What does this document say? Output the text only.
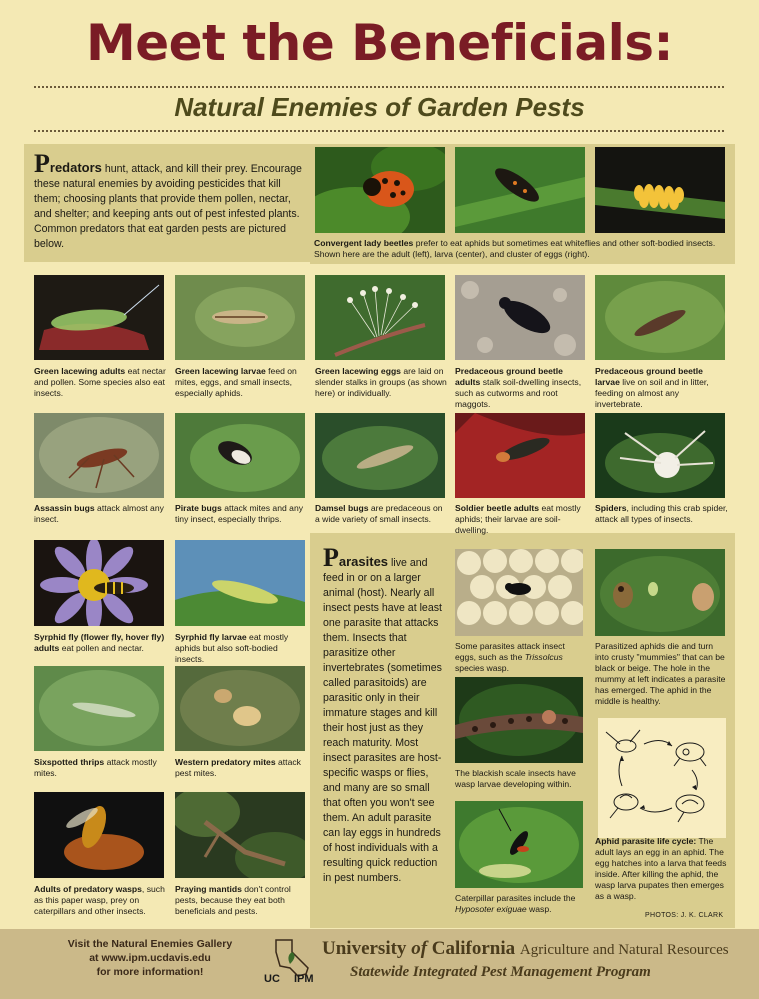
Meet the Beneficials:
Natural Enemies of Garden Pests
Predators hunt, attack, and kill their prey. Encourage these natural enemies by avoiding pesticides that kill them; choosing plants that provide them pollen, nectar, and shelter; and keeping ants out of pest infested plants. Common predators that eat garden pests are pictured below.	Convergent lady beetles prefer to eat aphids but sometimes eat whiteflies and other soft-bodied insects. Shown here are the adult (left), larva (center), and cluster of eggs (right).
Green lacewing adults eat nectar and pollen. Some species also eat insects.
Green lacewing larvae feed on mites, eggs, and small insects, especially aphids.
Green lacewing eggs are laid on slender stalks in groups (as shown here) or individually.
Predaceous ground beetle adults stalk soil-dwelling insects, such as cutworms and root maggots.
Predaceous ground beetle larvae live on soil and in litter, feeding on almost any invertebrate.
Assassin bugs attack almost any insect.
Pirate bugs attack mites and any tiny insect, especially thrips.
Damsel bugs are predaceous on a wide variety of small insects.
Soldier beetle adults eat mostly aphids; their larvae are soil-dwelling.
Spiders, including this crab spider, attack all types of insects.
Syrphid fly (flower fly, hover fly) adults eat pollen and nectar.
Syrphid fly larvae eat mostly aphids but also soft-bodied insects.
Sixspotted thrips attack mostly mites.
Western predatory mites attack pest mites.
Adults of predatory wasps, such as this paper wasp, prey on caterpillars and other insects.
Praying mantids don't control pests, because they eat both beneficials and pests.
Parasites live and feed in or on a larger animal (host). Nearly all insect pests have at least one parasite that attacks them. Insects that parasitize other invertebrates (sometimes called parasitoids) are parasitic only in their immature stages and kill their host just as they reach maturity. Most insect parasites are host-specific wasps or flies, and many are so small that often you won't see them. An adult parasite can lay eggs in hundreds of host individuals with a resulting quick reduction in pest numbers.
Some parasites attack insect eggs, such as the Trissolcus species wasp.
Parasitized aphids die and turn into crusty "mummies" that can be black or beige. The hole in the mummy at left indicates a parasite has emerged. The aphid in the middle is healthy.
The blackish scale insects have wasp larvae developing within.
Caterpillar parasites include the Hyposoter exiguae wasp.
Aphid parasite life cycle: The adult lays an egg in an aphid. The egg hatches into a larva that feeds inside. After killing the aphid, the wasp larva pupates then emerges as a wasp.
PHOTOS: J. K. CLARK
Visit the Natural Enemies Gallery
at www.ipm.ucdavis.edu
for more information!
UC IPM
University of California Agriculture and Natural Resources
Statewide Integrated Pest Management Program
